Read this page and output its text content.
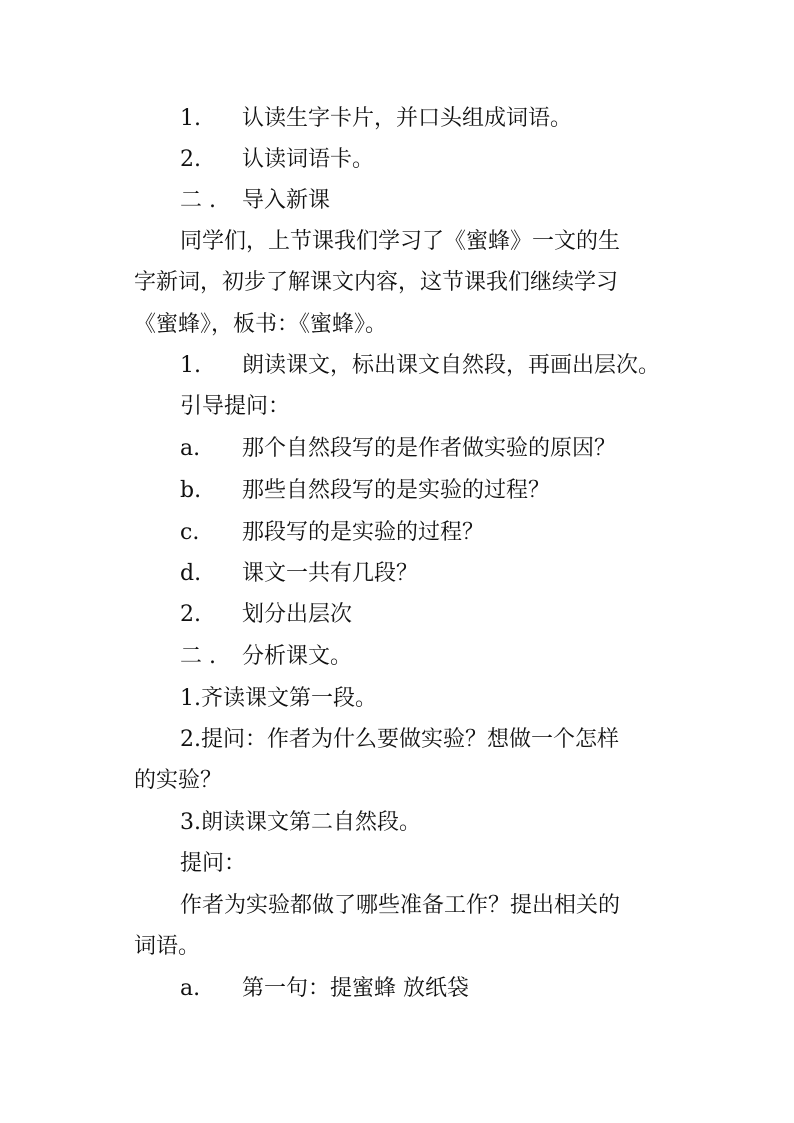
1. 认读生字卡片，并口头组成词语。
2. 认读词语卡。
二 . 导入新课
同学们，上节课我们学习了《蜜蜂》一文的生
字新词，初步了解课文内容，这节课我们继续学习
《蜜蜂》，板书：《蜜蜂》。
1. 朗读课文，标出课文自然段，再画出层次。
引导提问：
a. 那个自然段写的是作者做实验的原因？
b. 那些自然段写的是实验的过程？
c. 那段写的是实验的过程？
d. 课文一共有几段？
2. 划分出层次
二 . 分析课文。
1.齐读课文第一段。
2.提问：作者为什么要做实验？想做一个怎样
的实验？
3.朗读课文第二自然段。
提问：
作者为实验都做了哪些准备工作？提出相关的
词语。
a. 第一句：提蜜蜂 放纸袋
